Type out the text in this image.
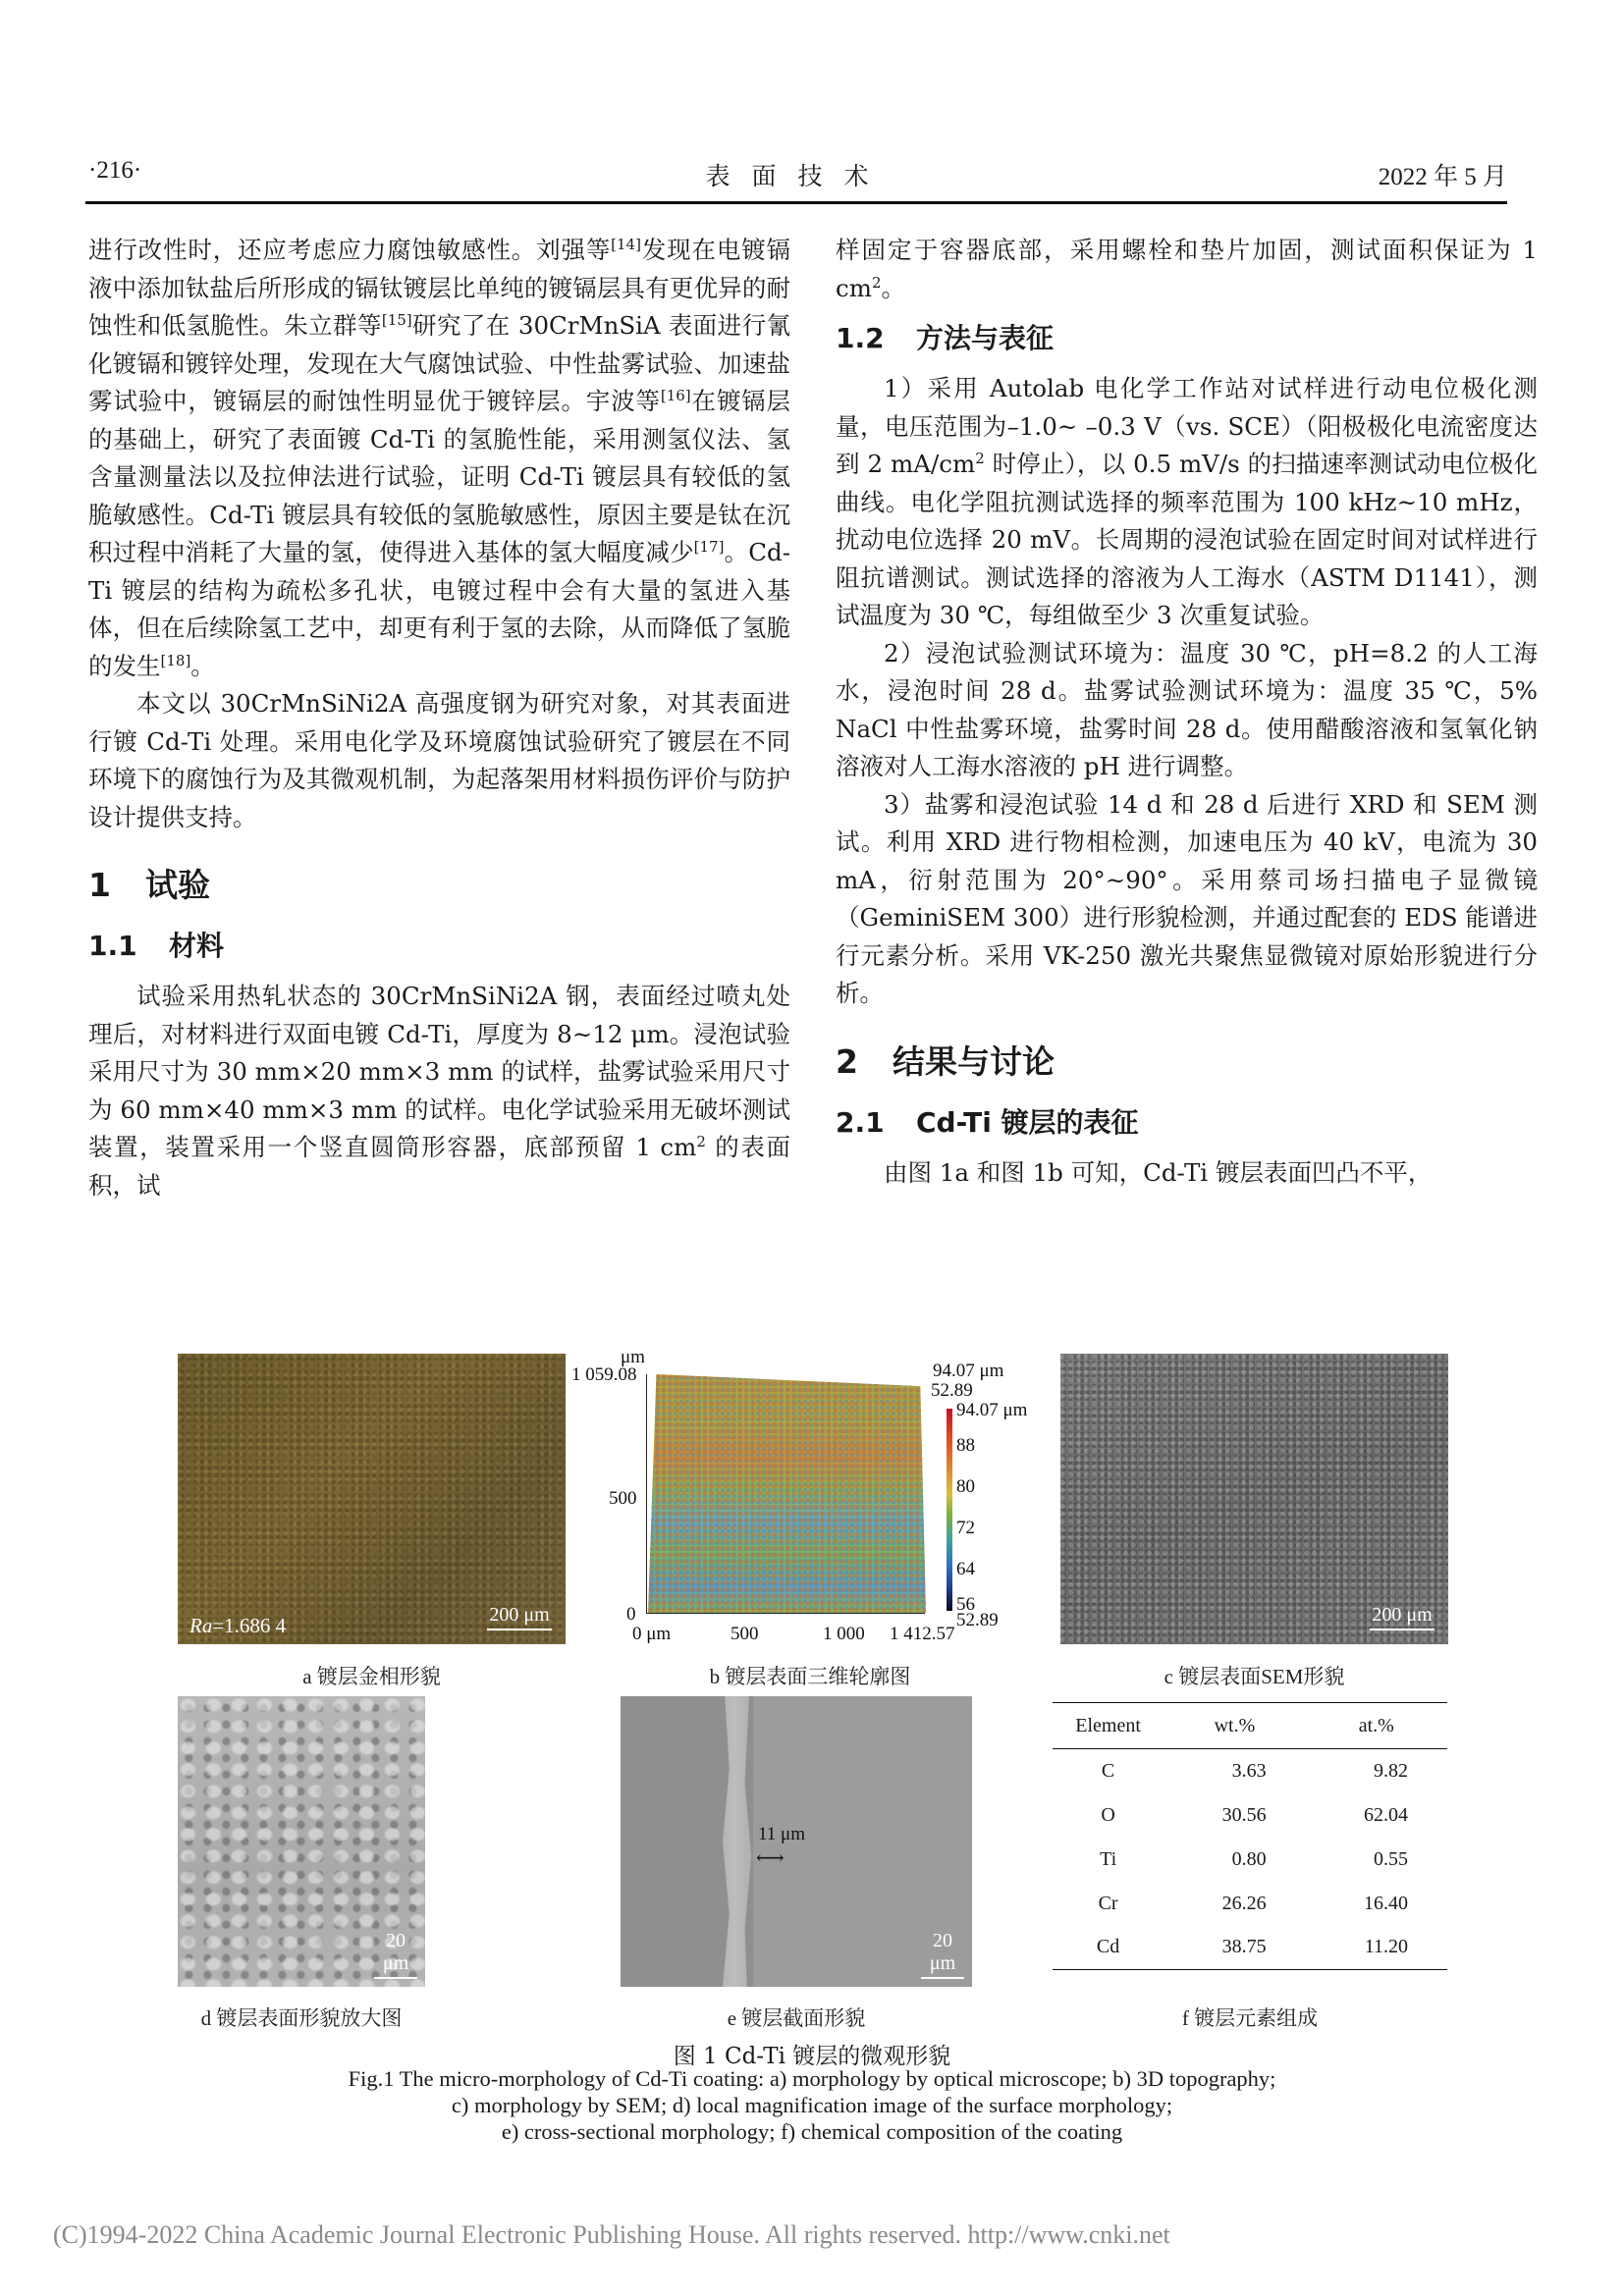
·216·	表面技术	2022 年 5 月

进行改性时，还应考虑应力腐蚀敏感性。刘强等[14]发现在电镀镉液中添加钛盐后所形成的镉钛镀层比单纯的镀镉层具有更优异的耐蚀性和低氢脆性。朱立群等[15]研究了在 30CrMnSiA 表面进行氰化镀镉和镀锌处理，发现在大气腐蚀试验、中性盐雾试验、加速盐雾试验中，镀镉层的耐蚀性明显优于镀锌层。宇波等[16]在镀镉层的基础上，研究了表面镀 Cd-Ti 的氢脆性能，采用测氢仪法、氢含量测量法以及拉伸法进行试验，证明 Cd-Ti 镀层具有较低的氢脆敏感性。Cd-Ti 镀层具有较低的氢脆敏感性，原因主要是钛在沉积过程中消耗了大量的氢，使得进入基体的氢大幅度减少[17]。Cd-Ti 镀层的结构为疏松多孔状，电镀过程中会有大量的氢进入基体，但在后续除氢工艺中，却更有利于氢的去除，从而降低了氢脆的发生[18]。

本文以 30CrMnSiNi2A 高强度钢为研究对象，对其表面进行镀 Cd-Ti 处理。采用电化学及环境腐蚀试验研究了镀层在不同环境下的腐蚀行为及其微观机制，为起落架用材料损伤评价与防护设计提供支持。

1 试验
1.1 材料

试验采用热轧状态的 30CrMnSiNi2A 钢，表面经过喷丸处理后，对材料进行双面电镀 Cd-Ti，厚度为 8~12 μm。浸泡试验采用尺寸为 30 mm×20 mm×3 mm 的试样，盐雾试验采用尺寸为 60 mm×40 mm×3 mm 的试样。电化学试验采用无破坏测试装置，装置采用一个竖直圆筒形容器，底部预留 1 $cm^2$ 的表面积，试

样固定于容器底部，采用螺栓和垫片加固，测试面积保证为 1 $cm^2$。

1.2 方法与表征

1）采用 Autolab 电化学工作站对试样进行动电位极化测量，电压范围为–1.0~ –0.3 V（vs. SCE）（阳极极化电流密度达到 2 $mA/cm^2$ 时停止），以 0.5 mV/s 的扫描速率测试动电位极化曲线。电化学阻抗测试选择的频率范围为 100 kHz~10 mHz，扰动电位选择 20 mV。长周期的浸泡试验在固定时间对试样进行阻抗谱测试。测试选择的溶液为人工海水（ASTM D1141），测试温度为 30 ℃，每组做至少 3 次重复试验。

2）浸泡试验测试环境为：温度 30 ℃，pH=8.2 的人工海水，浸泡时间 28 d。盐雾试验测试环境为：温度 35 ℃，5% NaCl 中性盐雾环境，盐雾时间 28 d。使用醋酸溶液和氢氧化钠溶液对人工海水溶液的 pH 进行调整。

3）盐雾和浸泡试验 14 d 和 28 d 后进行 XRD 和 SEM 测试。利用 XRD 进行物相检测，加速电压为 40 kV，电流为 30 mA，衍射范围为 20°~90°。采用蔡司场扫描电子显微镜（GeminiSEM 300）进行形貌检测，并通过配套的 EDS 能谱进行元素分析。采用 VK-250 激光共聚焦显微镜对原始形貌进行分析。

2 结果与讨论
2.1 Cd-Ti 镀层的表征

由图 1a 和图 1b 可知，Cd-Ti 镀层表面凹凸不平，

Ra=1.686 4	200 μm
a 镀层金相形貌
μm
1 059.08
500
0
0 μm	500	1 000 1 412.57
94.07 μm
52.89
94.07 μm
88
80
72
64
56
52.89
b 镀层表面三维轮廓图
200 μm
c 镀层表面SEM形貌
20 μm
d 镀层表面形貌放大图
11 μm
⟷
20 μm
e 镀层截面形貌
Element	wt.%	at.%
C	3.63	9.82
O	30.56	62.04
Ti	0.80	0.55
Cr	26.26	16.40
Cd	38.75	11.20
f 镀层元素组成
图 1 Cd-Ti 镀层的微观形貌
Fig.1 The micro-morphology of Cd-Ti coating: a) morphology by optical microscope; b) 3D topography;
c) morphology by SEM; d) local magnification image of the surface morphology;
e) cross-sectional morphology; f) chemical composition of the coating
(C)1994-2022 China Academic Journal Electronic Publishing House. All rights reserved. http://www.cnki.net
